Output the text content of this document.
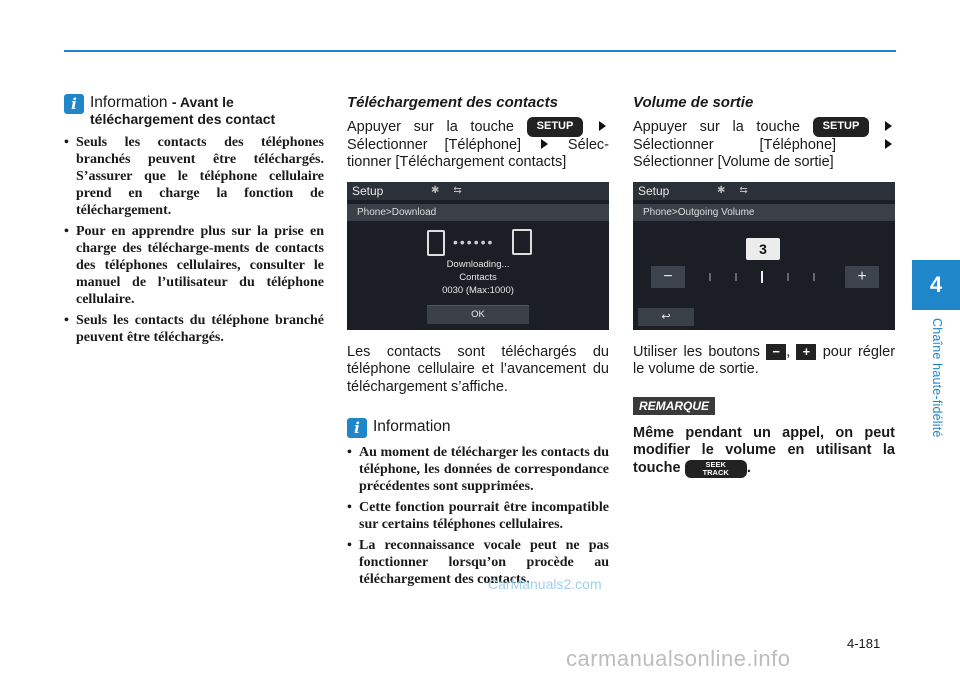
4
Chaîne haute-fidélité
i Information - Avant le téléchargement des contact
• Seuls les contacts des téléphones branchés peuvent être téléchargés. S’assurer que le téléphone cellulaire prend en charge la fonction de téléchargement.
• Pour en apprendre plus sur la prise en charge des télécharge-ments de contacts des téléphones cellulaires, consulter le manuel de l’utilisateur du téléphone cellulaire.
• Seuls les contacts du téléphone branché peuvent être téléchargés.
Téléchargement des contacts

Appuyer sur la touche SETUP  Sélectionner [Téléphone]	Sélec-tionner [Téléchargement contacts]

Setup	✱⇆
Phone>Download
••••••
Downloading...
Contacts
0030 (Max:1000)
OK

Les contacts sont téléchargés du téléphone cellulaire et l’avancement du téléchargement s’affiche.

i Information
• Au moment de télécharger les contacts du téléphone, les données de correspondance précédentes sont supprimées.
• Cette fonction pourrait être incompatible sur certains téléphones cellulaires.
• La reconnaissance vocale peut ne pas fonctionner lorsqu’on procède au téléchargement des contacts.
Volume de sortie

Appuyer sur la touche SETUP  Sélectionner [Téléphone]  Sélectionner [Volume de sortie]

Setup	✱⇆
Phone>Outgoing Volume
3
−	+
↩

Utiliser les boutons − , + pour régler le volume de sortie.

REMARQUE

Même pendant un appel, on peut modifier le volume en utilisant la touche	SEEK
TRACK .

CarManuals2.com
4-181
carmanualsonline.info
